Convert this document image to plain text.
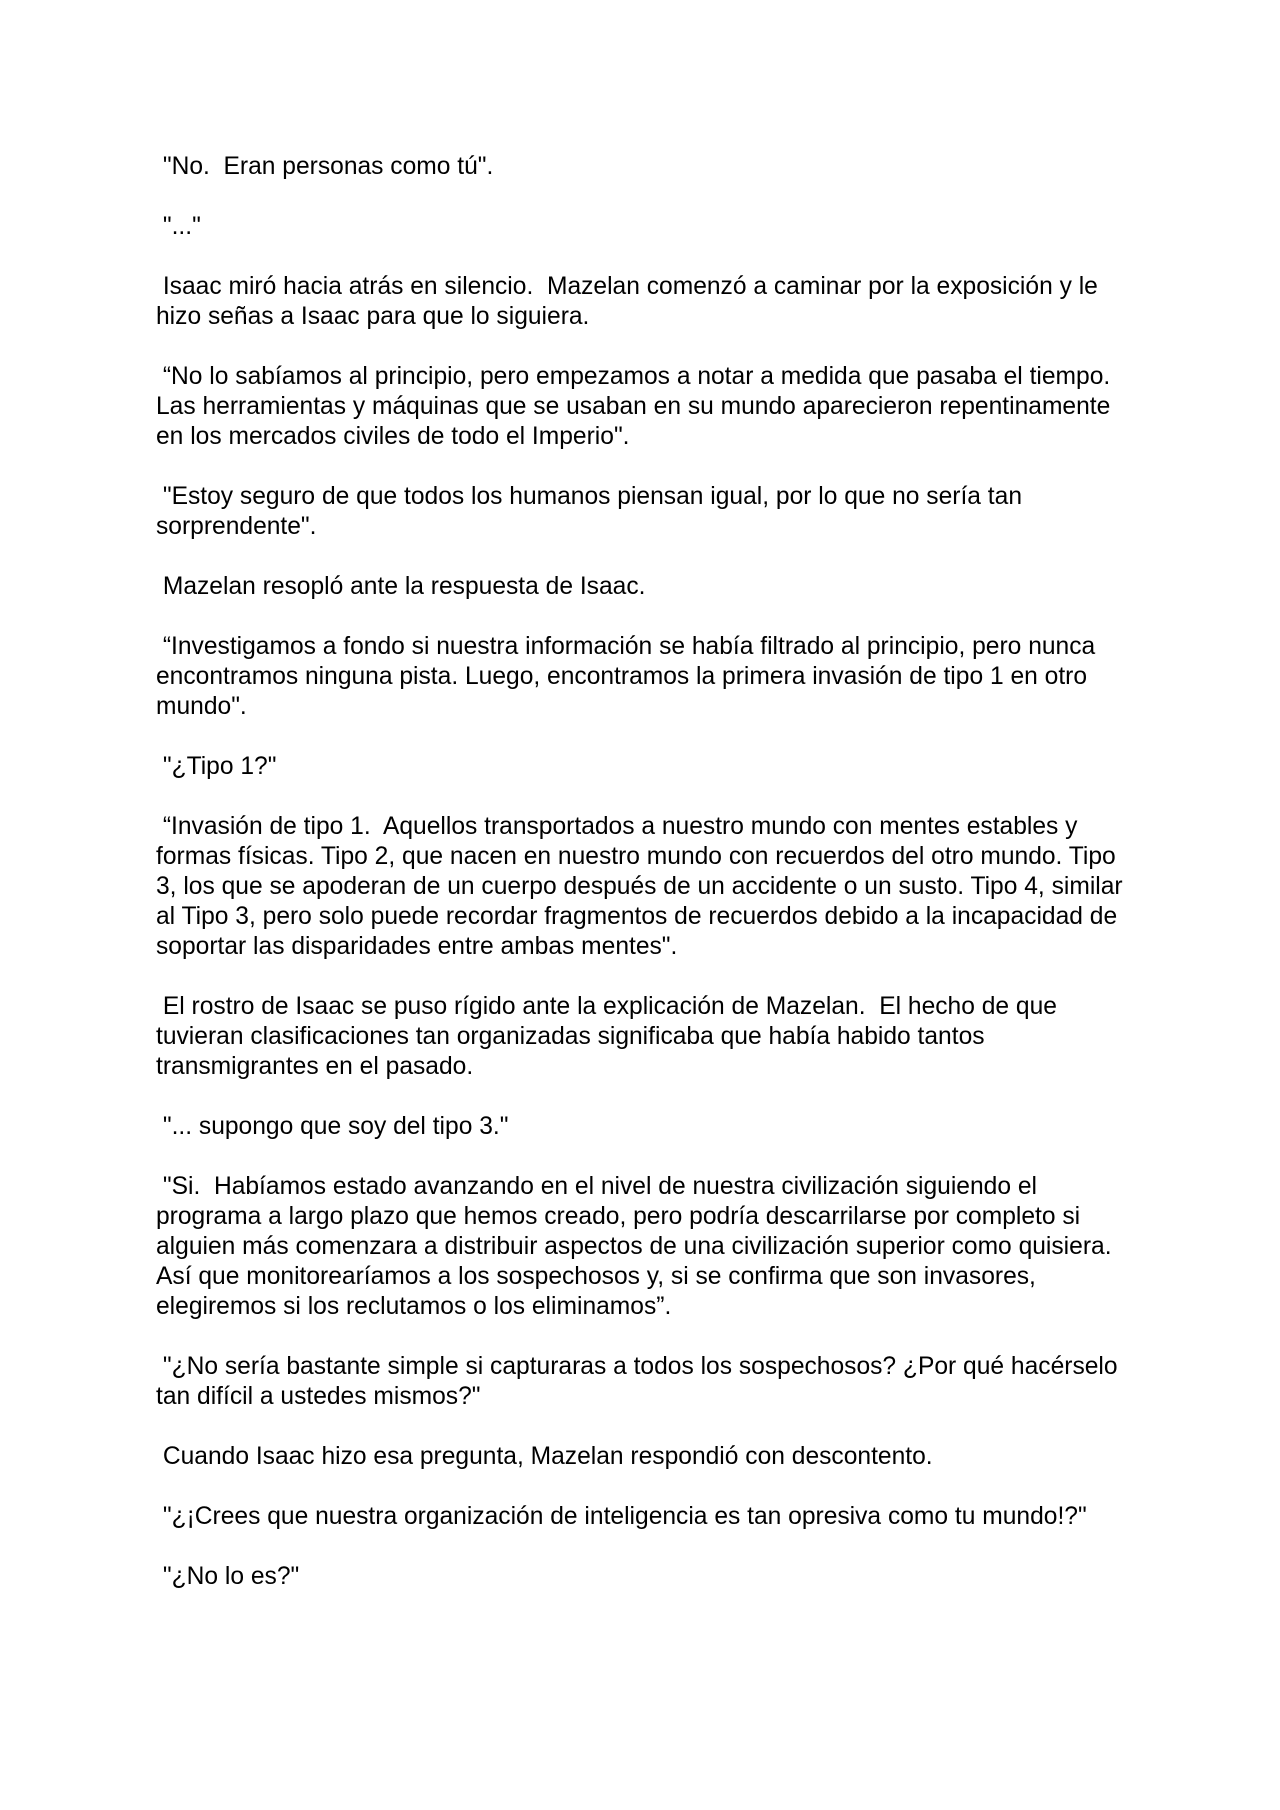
"No.  Eran personas como tú".

"..."

Isaac miró hacia atrás en silencio.  Mazelan comenzó a caminar por la exposición y le hizo señas a Isaac para que lo siguiera.

“No lo sabíamos al principio, pero empezamos a notar a medida que pasaba el tiempo. Las herramientas y máquinas que se usaban en su mundo aparecieron repentinamente en los mercados civiles de todo el Imperio".

"Estoy seguro de que todos los humanos piensan igual, por lo que no sería tan sorprendente".

Mazelan resopló ante la respuesta de Isaac.

“Investigamos a fondo si nuestra información se había filtrado al principio, pero nunca encontramos ninguna pista. Luego, encontramos la primera invasión de tipo 1 en otro mundo".

"¿Tipo 1?"

“Invasión de tipo 1.  Aquellos transportados a nuestro mundo con mentes estables y formas físicas. Tipo 2, que nacen en nuestro mundo con recuerdos del otro mundo. Tipo 3, los que se apoderan de un cuerpo después de un accidente o un susto. Tipo 4, similar al Tipo 3, pero solo puede recordar fragmentos de recuerdos debido a la incapacidad de soportar las disparidades entre ambas mentes".

El rostro de Isaac se puso rígido ante la explicación de Mazelan.  El hecho de que tuvieran clasificaciones tan organizadas significaba que había habido tantos transmigrantes en el pasado.

"... supongo que soy del tipo 3."

"Si.  Habíamos estado avanzando en el nivel de nuestra civilización siguiendo el programa a largo plazo que hemos creado, pero podría descarrilarse por completo si alguien más comenzara a distribuir aspectos de una civilización superior como quisiera. Así que monitorearíamos a los sospechosos y, si se confirma que son invasores, elegiremos si los reclutamos o los eliminamos”.

"¿No sería bastante simple si capturaras a todos los sospechosos? ¿Por qué hacérselo tan difícil a ustedes mismos?"

Cuando Isaac hizo esa pregunta, Mazelan respondió con descontento.

"¿¡Crees que nuestra organización de inteligencia es tan opresiva como tu mundo!?"

"¿No lo es?"
